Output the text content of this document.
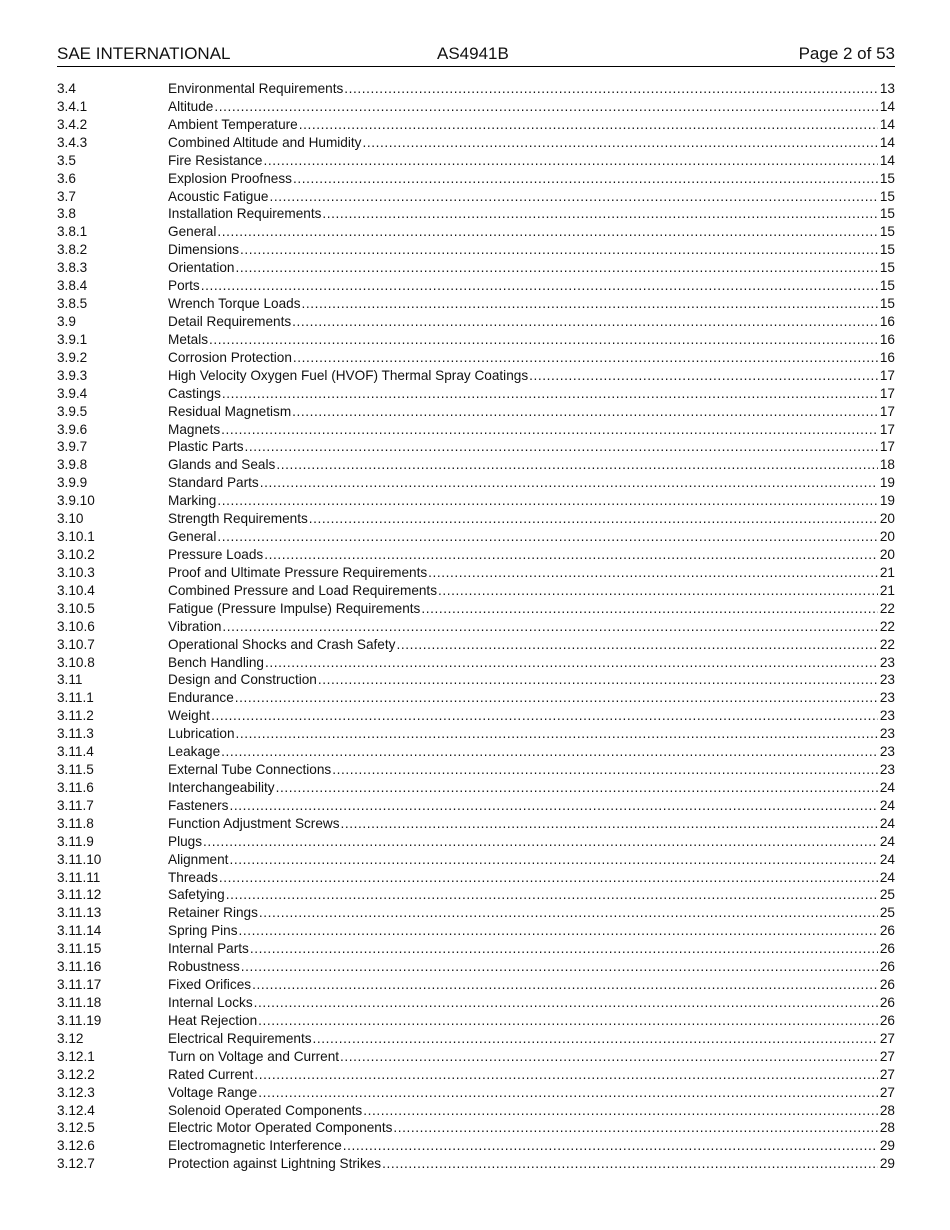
SAE INTERNATIONAL	AS4941B	Page 2 of 53
3.4	Environmental Requirements .....	13
3.4.1	Altitude .....	14
3.4.2	Ambient Temperature .....	14
3.4.3	Combined Altitude and Humidity .....	14
3.5	Fire Resistance .....	14
3.6	Explosion Proofness .....	15
3.7	Acoustic Fatigue .....	15
3.8	Installation Requirements .....	15
3.8.1	General .....	15
3.8.2	Dimensions .....	15
3.8.3	Orientation .....	15
3.8.4	Ports .....	15
3.8.5	Wrench Torque Loads .....	15
3.9	Detail Requirements .....	16
3.9.1	Metals .....	16
3.9.2	Corrosion Protection .....	16
3.9.3	High Velocity Oxygen Fuel (HVOF) Thermal Spray Coatings .....	17
3.9.4	Castings .....	17
3.9.5	Residual Magnetism .....	17
3.9.6	Magnets .....	17
3.9.7	Plastic Parts .....	17
3.9.8	Glands and Seals .....	18
3.9.9	Standard Parts .....	19
3.9.10	Marking .....	19
3.10	Strength Requirements .....	20
3.10.1	General .....	20
3.10.2	Pressure Loads .....	20
3.10.3	Proof and Ultimate Pressure Requirements .....	21
3.10.4	Combined Pressure and Load Requirements .....	21
3.10.5	Fatigue (Pressure Impulse) Requirements .....	22
3.10.6	Vibration .....	22
3.10.7	Operational Shocks and Crash Safety .....	22
3.10.8	Bench Handling .....	23
3.11	Design and Construction .....	23
3.11.1	Endurance .....	23
3.11.2	Weight .....	23
3.11.3	Lubrication .....	23
3.11.4	Leakage .....	23
3.11.5	External Tube Connections .....	23
3.11.6	Interchangeability .....	24
3.11.7	Fasteners .....	24
3.11.8	Function Adjustment Screws .....	24
3.11.9	Plugs .....	24
3.11.10	Alignment .....	24
3.11.11	Threads .....	24
3.11.12	Safetying .....	25
3.11.13	Retainer Rings .....	25
3.11.14	Spring Pins .....	26
3.11.15	Internal Parts .....	26
3.11.16	Robustness .....	26
3.11.17	Fixed Orifices .....	26
3.11.18	Internal Locks .....	26
3.11.19	Heat Rejection .....	26
3.12	Electrical Requirements .....	27
3.12.1	Turn on Voltage and Current .....	27
3.12.2	Rated Current .....	27
3.12.3	Voltage Range .....	27
3.12.4	Solenoid Operated Components .....	28
3.12.5	Electric Motor Operated Components .....	28
3.12.6	Electromagnetic Interference .....	29
3.12.7	Protection against Lightning Strikes .....	29
